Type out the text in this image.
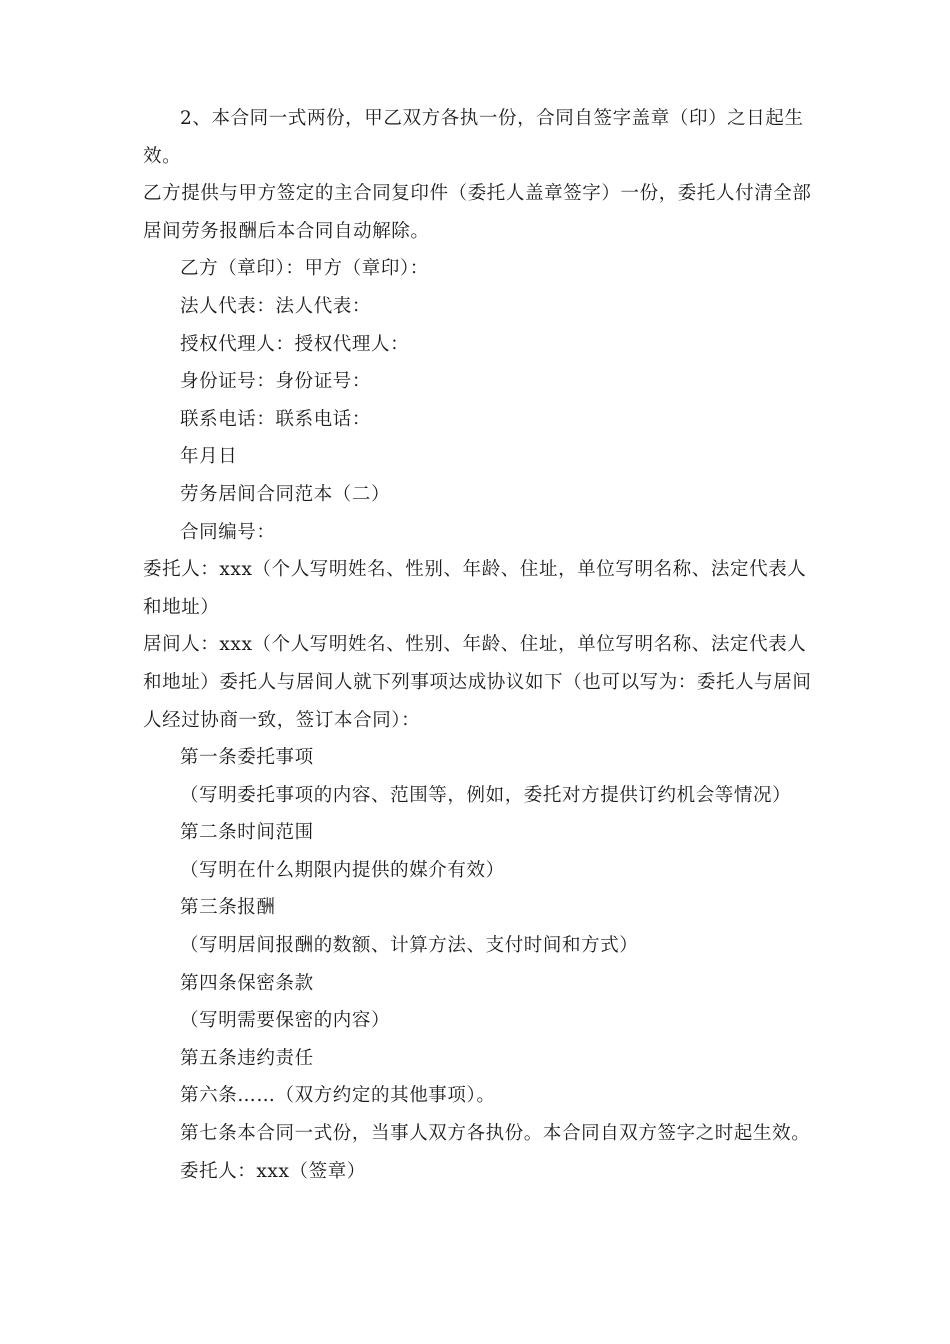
2、本合同一式两份，甲乙双方各执一份，合同自签字盖章（印）之日起生效。

乙方提供与甲方签定的主合同复印件（委托人盖章签字）一份，委托人付清全部居间劳务报酬后本合同自动解除。

乙方（章印）：甲方（章印）：

法人代表：法人代表：

授权代理人：授权代理人：

身份证号：身份证号：

联系电话：联系电话：

年月日

劳务居间合同范本（二）

合同编号：

委托人：xxx（个人写明姓名、性别、年龄、住址，单位写明名称、法定代表人和地址）

居间人：xxx（个人写明姓名、性别、年龄、住址，单位写明名称、法定代表人和地址）委托人与居间人就下列事项达成协议如下（也可以写为：委托人与居间人经过协商一致，签订本合同）：

第一条委托事项

（写明委托事项的内容、范围等，例如，委托对方提供订约机会等情况）

第二条时间范围

（写明在什么期限内提供的媒介有效）

第三条报酬

（写明居间报酬的数额、计算方法、支付时间和方式）

第四条保密条款

（写明需要保密的内容）

第五条违约责任

第六条……（双方约定的其他事项）。

第七条本合同一式份，当事人双方各执份。本合同自双方签字之时起生效。

委托人：xxx（签章）
